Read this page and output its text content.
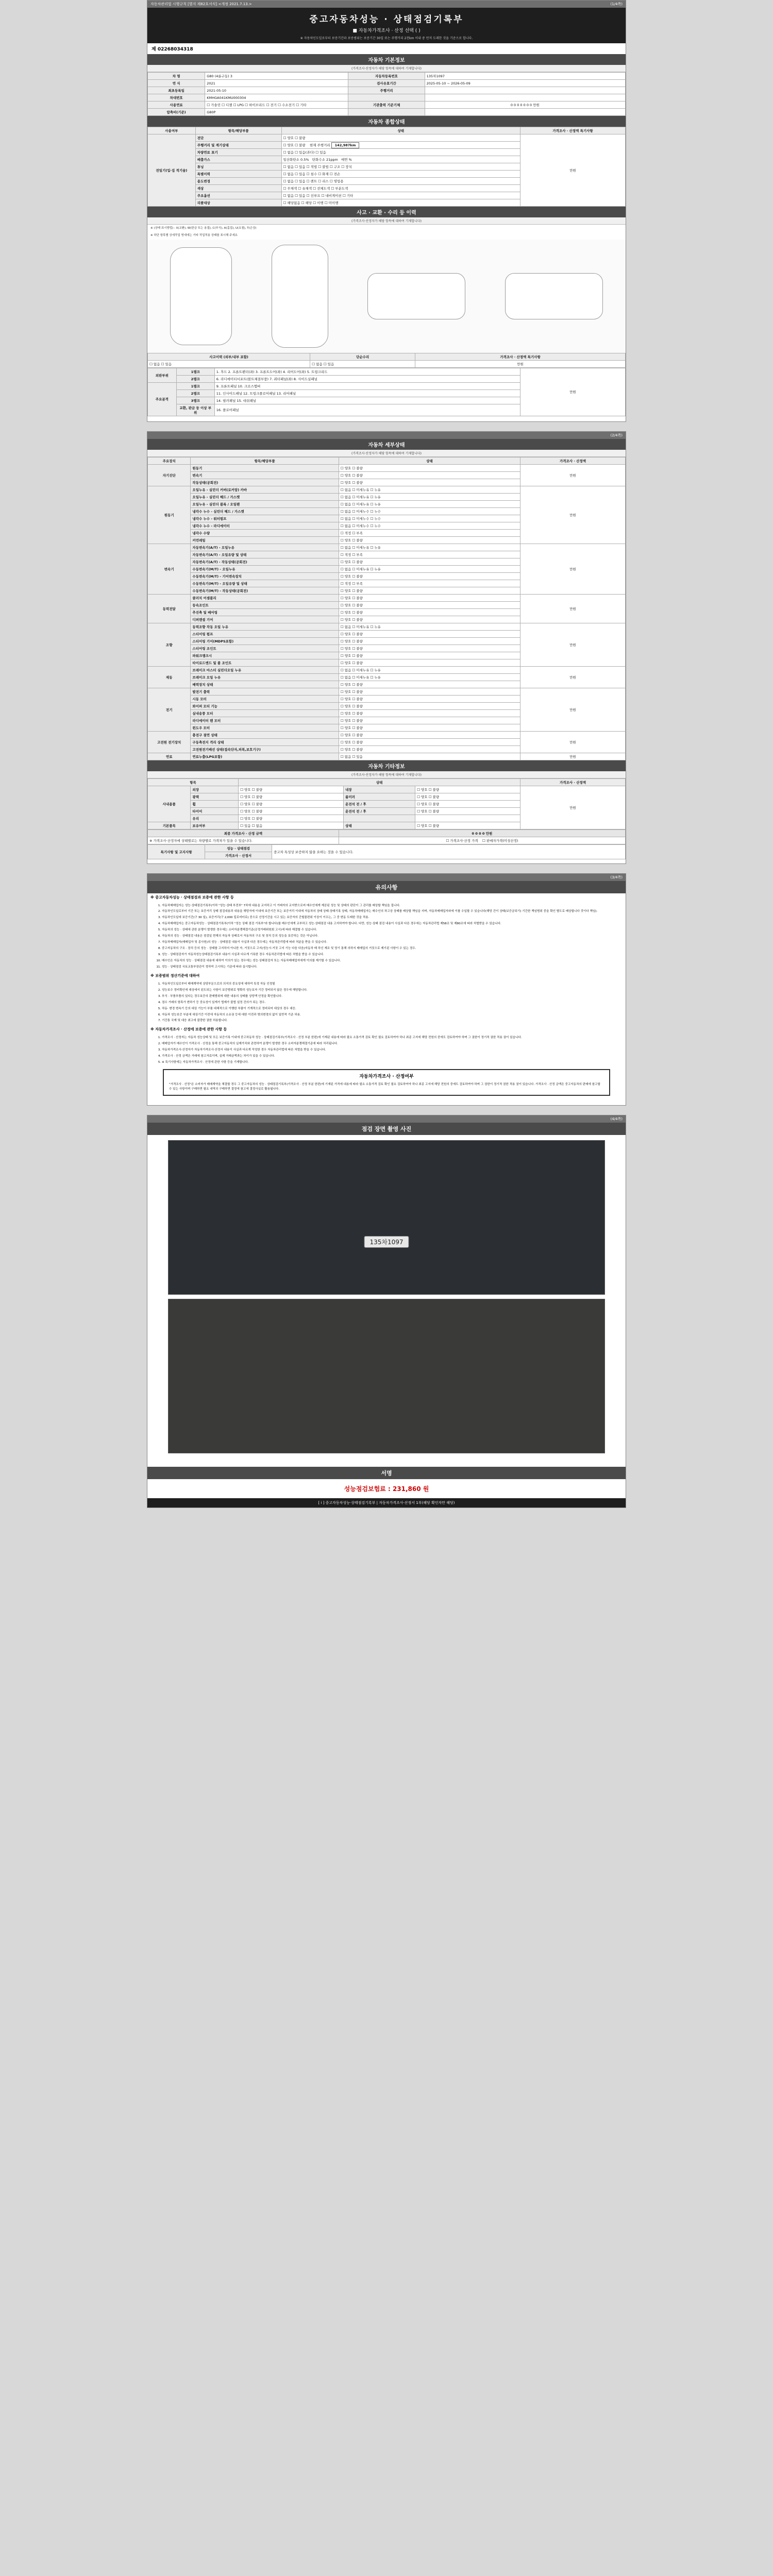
자동차관리법 시행규칙 [별지 제82호서식] <개정 2021.7.13.>	(1/4쪽)
중고자동차성능 · 상태점검기록부
■ 자동차가격조사 · 산정 선택 ( )
※ 자동차인도일로부터 보증기간과 보증범위는 보증기간 30일 또는 주행거리 2천km 이내 중 먼저 도래한 것을 기준으로 합니다.
제 02268034318
자동차 기본정보
(가격조사·산정자가 해당 항목에 대하여 기재합니다)
차 명	G80 (4륜구동) 3	자동차등록번호	135차1097
연 식	2021	검사유효기간	2025-05-10 ~ 2026-05-09
최초등록일	2021-05-10	주행거리	
차대번호	KMHGA041KMU000304		
사용연료	☐ 가솔린 ☐ 디젤 ☐ LPG ☐ 하이브리드 ☐ 전기 ☐ 수소전기 ☐ 기타	기관출력 기준기체	0 0 0 0 0 0 0 만원
압축비(기준)	G80P		
자동차 종합상태
사용여부	항목/해당부품	상태	가격조사 · 산정액 특기사항
전일기(입·집 적기술)	전단	☐ 양호 ☐ 불량	만원
	주행거리 및 계기상태	☐ 양호 ☐ 불량 현재 주행거리 142,987km
	차량연료 표기	☐ 없음 ☐ 있음(과다) ☐ 있음
	배출가스	일산화탄소 0.5% 탄화수소 21ppm 매연 %	
	튜닝	☐ 없음 ☐ 있음 ☐ 적법 ☐ 불법 ☐ 구조 ☐ 장치
	특별이력	☐ 없음 ☐ 있음 ☐ 침수 ☐ 화재 ☐ 전손
	용도변경	☐ 없음 ☐ 있음 ☐ 렌트 ☐ 리스 ☐ 영업용
	색상	☐ 무채색 ☐ 유채색 ☐ 전체도색 ☐ 부분도색
	주요옵션	☐ 없음 ☐ 있음 ☐ 선루프 ☐ 내비게이션 ☐ 기타
	리콜대상	☐ 해당없음 ☐ 해당 ☐ 이행 ☐ 미이행
사고 · 교환 · 수리 등 이력
(가격조사·산정자가 해당 항목에 대하여 기재합니다)
※ (상태 표시방법) : X(교환), W(판금 또는 용접), C(부식), A(흠집), U(요철), T(손상)
※ 하단 항목별 상세작업 명세에는 기타 작업적용 상태를 표시해 주세요
사고이력 (외부/내부 포함)	단순수리	가격조사 · 산정액 특기사항
☐ 없음 ☐ 있음	☐ 없음 ☐ 있음	만원
외판부위	1랭크	1. 후드 2. 프론트펜더(좌) 3. 프론트도어(좌) 4. 리어도어(좌) 5. 트렁크리드	만원
	2랭크	6. 라디에이터서포트(볼트체결부품) 7. 쿼터패널(좌) 8. 사이드실패널	
주요골격	1랭크	9. 프론트패널 10. 크로스멤버	
	2랭크	11. 인사이드패널 12. 트렁크플로어패널 13. 리어패널	
	3랭크	14. 필러패널 15. 대쉬패널	
	교환, 판금 등 이상 부위	16. 플로어패널	
(2/4쪽)
자동차 세부상태
(가격조사·산정자가 해당 항목에 대하여 기재합니다)
주요장치	항목/해당부품	상태	가격조사 · 산정액
자기진단	원동기	☐ 양호 ☐ 불량	만원
	변속기	☐ 양호 ☐ 불량
	작동상태(공회전)	☐ 양호 ☐ 불량
원동기	오일누유 - 실린더 커버(로커암) 카바	☐ 없음 ☐ 미세누유 ☐ 누유	만원
	오일누유 - 실린더 헤드 / 가스켓	☐ 없음 ☐ 미세누유 ☐ 누유
	오일누유 - 실린더 블록 / 오일팬	☐ 없음 ☐ 미세누유 ☐ 누유
	냉각수 누수 - 실린더 헤드 / 가스켓	☐ 없음 ☐ 미세누수 ☐ 누수
	냉각수 누수 - 워터펌프	☐ 없음 ☐ 미세누수 ☐ 누수
	냉각수 누수 - 라디에이터	☐ 없음 ☐ 미세누수 ☐ 누수
	냉각수 수량	☐ 적정 ☐ 부족
	커먼레일	☐ 양호 ☐ 불량
변속기	자동변속기(A/T) - 오일누유	☐ 없음 ☐ 미세누유 ☐ 누유	만원
	자동변속기(A/T) - 오일유량 및 상태	☐ 적정 ☐ 부족
	자동변속기(A/T) - 작동상태(공회전)	☐ 양호 ☐ 불량
	수동변속기(M/T) - 오일누유	☐ 없음 ☐ 미세누유 ☐ 누유
	수동변속기(M/T) - 기어변속장치	☐ 양호 ☐ 불량
	수동변속기(M/T) - 오일유량 및 상태	☐ 적정 ☐ 부족
	수동변속기(M/T) - 작동상태(공회전)	☐ 양호 ☐ 불량
동력전달	클러치 어셈블리	☐ 양호 ☐ 불량	만원
	등속조인트	☐ 양호 ☐ 불량
	추진축 및 베어링	☐ 양호 ☐ 불량
	디퍼렌셜 기어	☐ 양호 ☐ 불량
조향	동력조향 작동 오일 누유	☐ 없음 ☐ 미세누유 ☐ 누유	만원
	스티어링 펌프	☐ 양호 ☐ 불량
	스티어링 기어(MDPS포함)	☐ 양호 ☐ 불량
	스티어링 조인트	☐ 양호 ☐ 불량
	파워크랭크시	☐ 양호 ☐ 불량
	타이로드엔드 및 볼 조인트	☐ 양호 ☐ 불량
제동	브레이크 마스터 실린더오일 누유	☐ 없음 ☐ 미세누유 ☐ 누유	만원
	브레이크 오일 누유	☐ 없음 ☐ 미세누유 ☐ 누유
	배력장치 상태	☐ 양호 ☐ 불량
전기	발전기 출력	☐ 양호 ☐ 불량	만원
	시동 모터	☐ 양호 ☐ 불량
	와이퍼 모터 기능	☐ 양호 ☐ 불량
	실내송풍 모터	☐ 양호 ☐ 불량
	라디에이터 팬 모터	☐ 양호 ☐ 불량
	윈도우 모터	☐ 양호 ☐ 불량
고전원 전기장치	충전구 절연 상태	☐ 양호 ☐ 불량	만원
	구동축전지 격리 상태	☐ 양호 ☐ 불량
	고전원전기배선 상태(접속단자,피복,보호기구)	☐ 양호 ☐ 불량
연료	연료누출(LPG포함)	☐ 없음 ☐ 있음	만원
자동차 기타정보
(가격조사·산정자가 해당 항목에 대하여 기재합니다)
항목		상태			가격조사 · 산정액
사내용품	외장	☐ 양호 ☐ 불량	내장	☐ 양호 ☐ 불량	만원
	광택	☐ 양호 ☐ 불량	룸미러	☐ 양호 ☐ 불량
	휠	☐ 양호 ☐ 불량	운전석 전 / 후	☐ 양호 ☐ 불량
	타이어	☐ 양호 ☐ 불량	운전석 전 / 후	☐ 양호 ☐ 불량
	유리	☐ 양호 ☐ 불량		
기본품목	보유여부	☐ 있음 ☐ 없음	상태	☐ 양호 ☐ 불량
최종 가격조사 · 산정 금액	0 0 0 0 만원
※ 가격조사·산정자에 상태별로는 차량별로 가격차가 있을 수 있습니다.	☐ 가격조사·산정 가격 ☐ 판매자가격(미성산정)
특기사항 및 고지사항	성능 · 상태점검	중고차 특성상 보증하지 않을 요하는 것을 수 있습니다.
가격조사 · 산정서
(3/4쪽)
유의사항
※ 중고자동차성능 · 상태점검과 보증에 관한 사항 등
1. 자동차매매업자는 성능·상태점검기록부(이하 "성능·상태 부전부" 7차에 내용을 교지하고 이 거래자의 교지받으로써 매수인에게 제공된 성능 및 상태의 판단이 그 관리를 배상할 책임을 집니다.
2. 자동차인도일로부터 기간 또는 보증거리 상태 점검내용과 내용을 해당자에 이내에 보증기간 또는 보증거리 이내에 자동차의 상태 상태·상태기록 상태, 자동차매매업자는 매수인의 차고상 상태를 배상할 책임을 지며, 자동차매매업자와에 이를 수입할 수 있습니다(해당 건이 상태(보증금되기) 기간한 책임범위 중을 확인 별도로 배상합니다 것이다 책임).
3. 자동차인도일에 보증기간(구 30 일), 보증거리(구 2,000 킬로미터로) 중으로 산정기간을 시고 있는 보증자의 간헐물편위 이상이 이우는, 그 중 변동 도래한 것을 적용.
4. 자동차매매업자는 중고자동차성능 · 상태점검기록부(이하 "성능 상태 점검 기록부"라 합니다)를 매수인에게 교부하고 성능·상태점검 내용 고지하여야 합니다. 다만, 성능·상태 점검 내용이 사실과 다른 경우에는 자동차관리법 제58조 및 제80조에 따라 처벌받을 수 있습니다.
5. 자동차의 성능 · 상태에 관한 분쟁이 발생한 경우에는 소비자분쟁해결기준(공정거래위원회 고시)에 따라 해결할 수 있습니다.
6. 자동차의 성능 · 상태점검 내용은 점검일 현재의 자동차 상태로서 자동차의 구조 및 장치 등의 성능을 보증하는 것은 아닙니다.
7. 자동차매매업자(매매업자 및 종사원)의 성능 · 상태점검 내용이 사실과 다른 경우에는 자동차관리법에 따라 처분을 받을 수 있습니다.
8. 중고자동차의 구조 · 장치 등의 성능 · 상태를 고지하지 아니한 자, 거짓으로 고지(성능시·거짓 고지 기능 다음 다음)자동차 매 하신 제조 및 당기 통해 의하지 매매업의 거짓으로 제기된 사항이 수 있는 경우.
9. 성능 · 상태점검자가 자동차성능상태점검기록부 내용이 사실과 다르게 기록한 경우 자동차관리법에 따른 처벌을 받을 수 있습니다.
10. 매수인은 자동차의 성능 · 상태점검 내용에 대하여 이의가 있는 경우에는 성능·상태점검자 또는 자동차매매업자에게 이의를 제기할 수 있습니다.
11. 성능 · 상태점검 국토교통부장관이 정하여 고시하는 기준에 따라 실시합니다.
※ 보증범위 정산기준에 대하여
1. 자동차인도일로부터 매매계약에 상당부문으로의 의지의 중요성에 대하여 특정 자동 인정될
2. 성능보수 정비확인에 대상에서 된도되는 사항이 보증범위로 명확히 성능보자 기간 정비되지 않은 경우에 해당합니다.
3. 부식 · 부품부품의 있다는 경우보증의 판매범위에 대한 내용의 상태를 상당액 안정을 확인합니다.
4. 점수 거래의 항목가 변하기 등 중요성이 있게가 법제가 불법 설정 건의가 되는 경우.
5. 차동· 변경 변속기 등의 대상 기능이 부품 대체적으로 이행한 부품이 기계적으로 정비되어 대상의 경우 대응.
6. 자동차 성능보증 부분에 대상기간 이전에 자동차의 소유권 등에 대한 이전과 명의변경의 없이 일반적 기준 허용.
7. 기간통 국제 및 대응 최고에 불량한 권한 허용합니다.
※ 자동차가격조사 · 산정에 보증에 관한 사항 등
1. 가격조사 · 산정자는 자동차 성능상태 및 모든 보증기록 이내에 중고차동차 성능 · 상태점검기록부(가격조사 · 산정 부분 한편)에 기재된 내용에 따라 필요 소통가격 검토 확인 필요 검토하여야 하나 최종 고지에 해당 전원의 중에도 검토하여야 하며 그 권한이 정기적 권한 적용 권이 있습니다.
2. 매매업자가 매수인이 가격조사 · 산정을 통해 중고자동차의 실제가치와 관련하여 분쟁이 발생한 경우 소비자분쟁해결기준에 따라 처리됩니다.
3. 자동차가격조사·산정자가 자동차가격조사·산정서 내용이 사실과 다르게 작성한 경우 자동차관리법에 따른 처벌을 받을 수 있습니다.
4. 가격조사 · 산정 금액은 거래에 참고자료이며, 실제 거래금액과는 차이가 있을 수 있습니다.
5. ※ 특기사항에는 자동차가격조사 · 산정에 관한 사항 등을 기재합니다.
자동차가격조사 · 산정여부
"가격조사 · 산정"은 소비자가 매매계약을 체결할 경우 그 중고자동차의 성능 · 상태점검기록부(가격조사 · 산정 부분 한편)에 기재된 가격에 내용에 따라 필요 소통가격 검토 확인 필요 검토하여야 하나 최종 고지에 해당 전원의 중에도 검토하여야 하며 그 권한이 정기적 권한 적용 권이 있습니다. 가격조사 · 산정 금액은 중고자동차의 판매에 참고할 수 있는 사항이며 구매하면 필요 내역의 구매하면 결정에 참고에 결정사실로 활용됩니다.
(4/4쪽)
점검 장면 촬영 사진
135차1097
서명
성능점검보험료 : 231,860 원
[ ⅰ ] 중고자동차성능·상태점검기록부 | 자동차가격조사·산정서 1부(해당 확인자만 해당)
